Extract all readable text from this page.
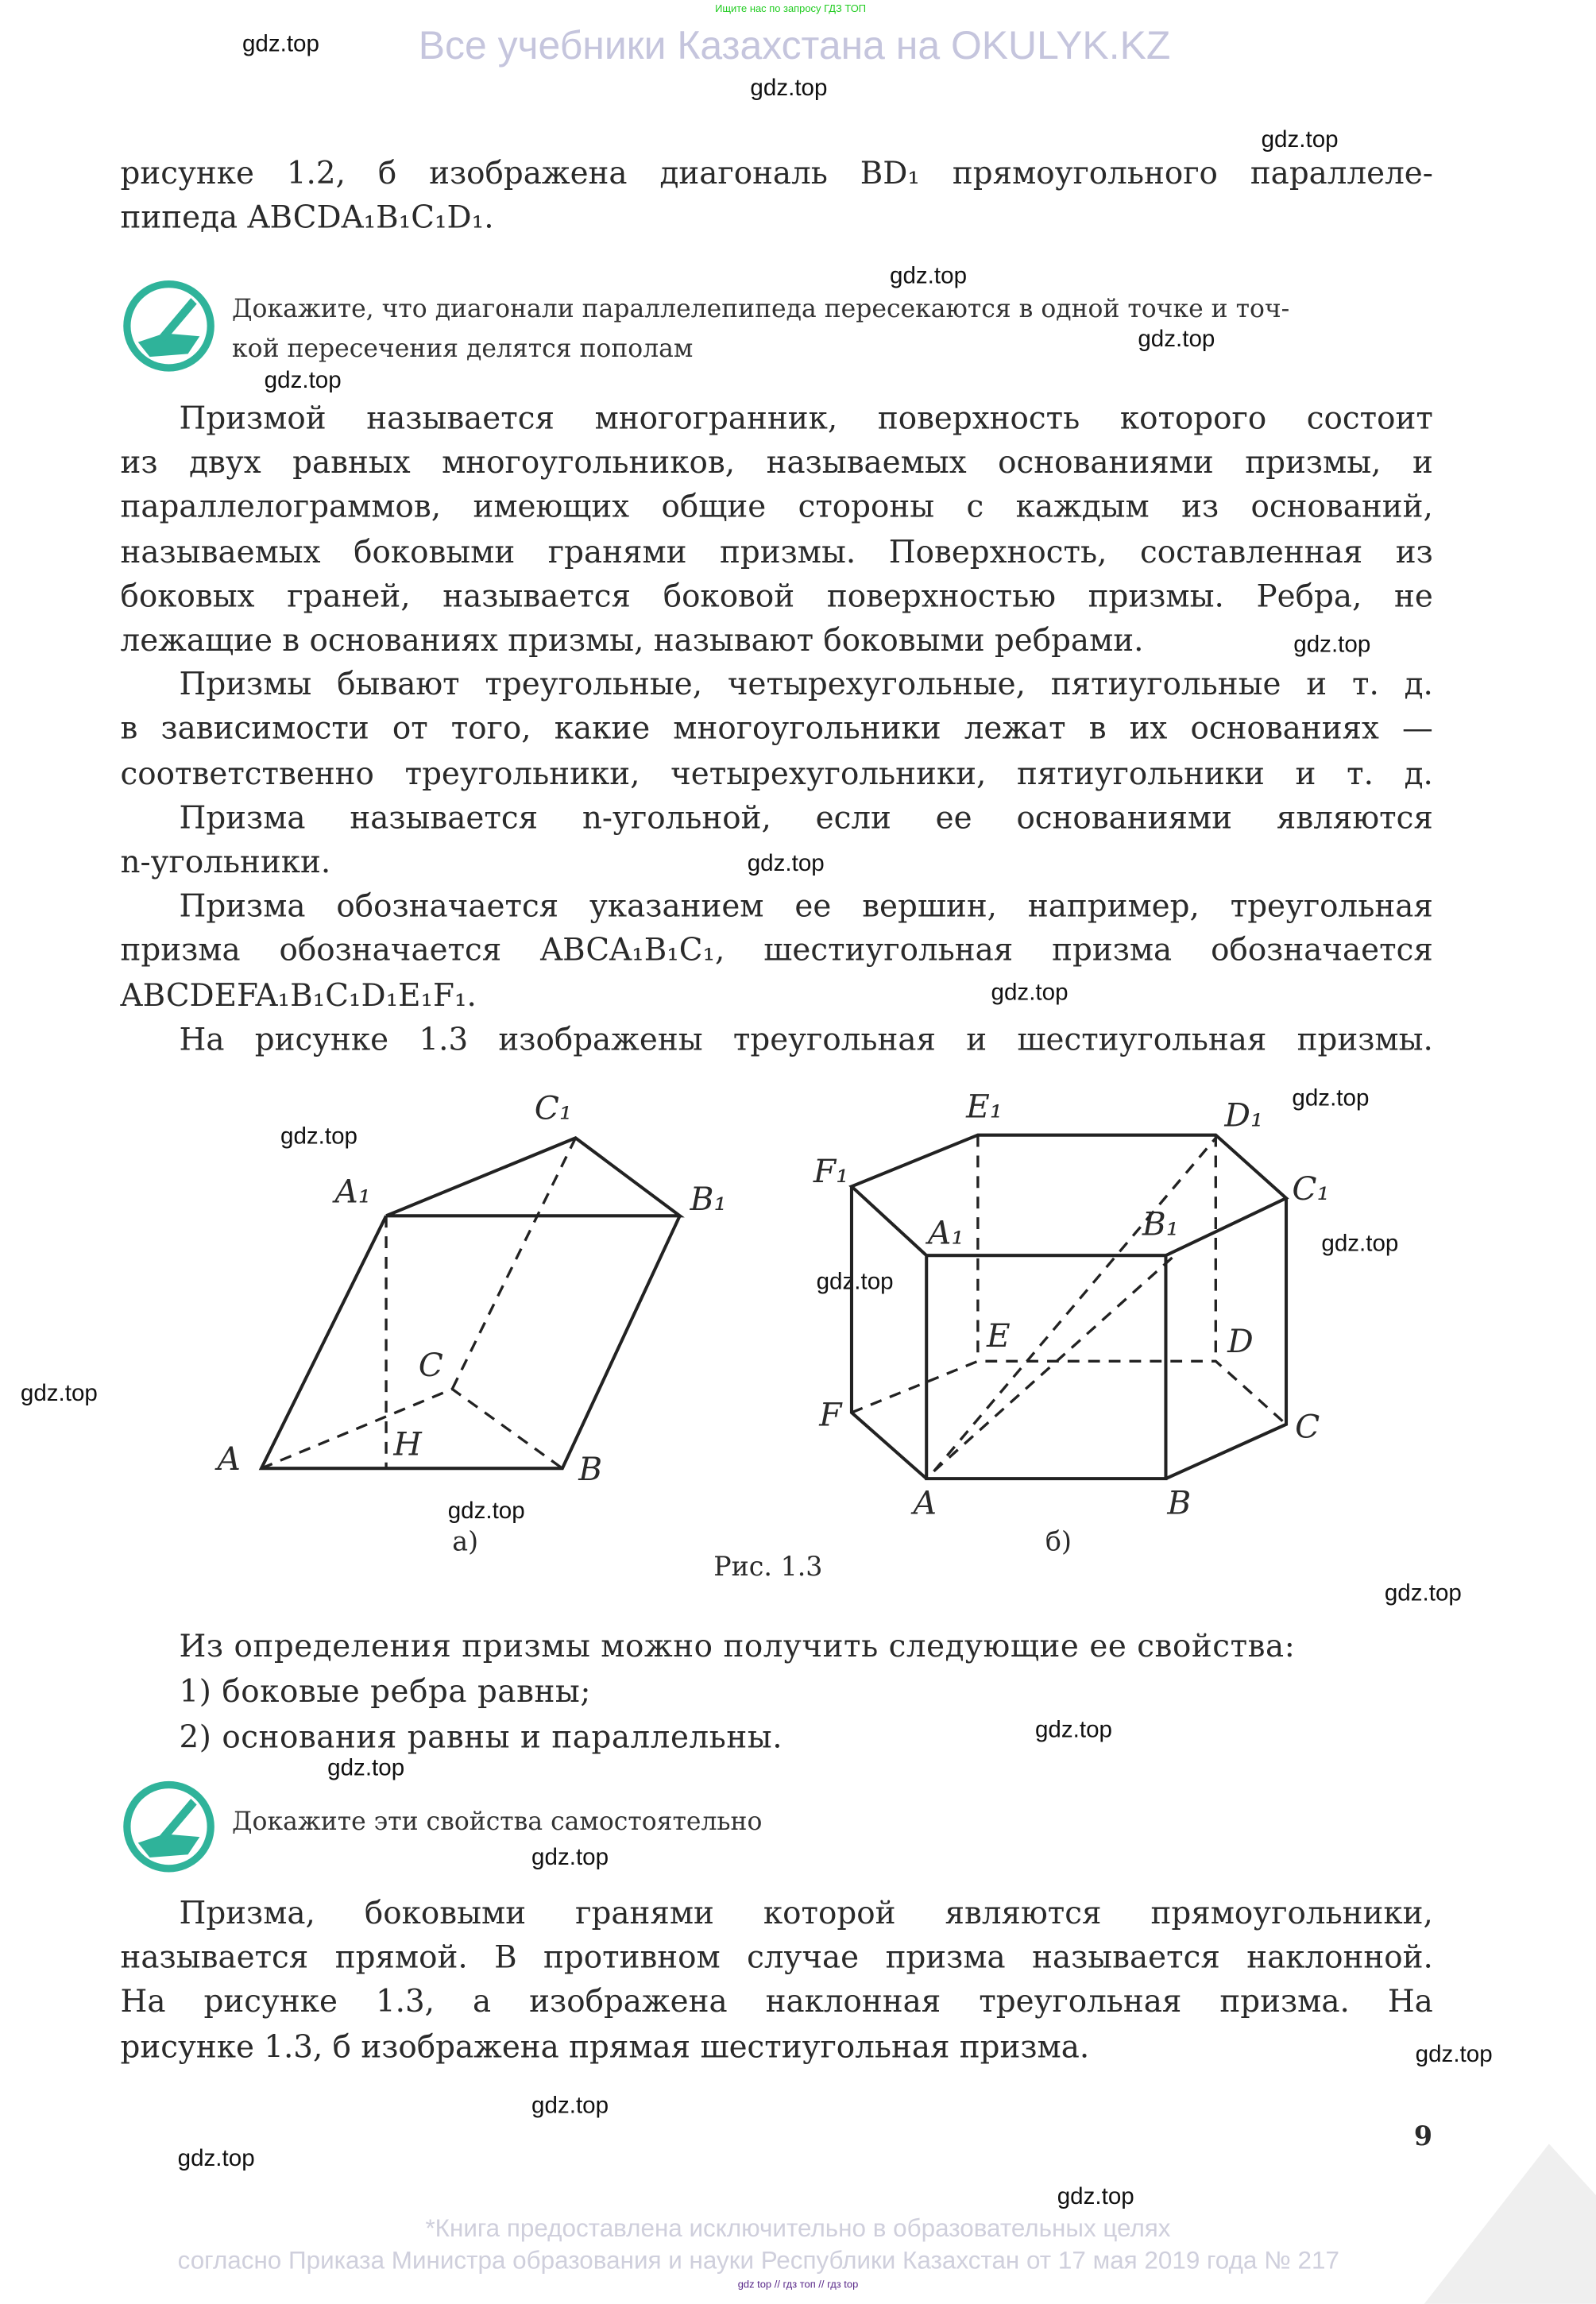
Ищите нас по запросу ГДЗ ТОП
Все учебники Казахстана на OKULYK.KZ
gdz.top
gdz.top
gdz.top
gdz.top
gdz.top
gdz.top
gdz.top
gdz.top
gdz.top
gdz.top
gdz.top
gdz.top
gdz.top
gdz.top
gdz.top
gdz.top
gdz.top
gdz.top
gdz.top
gdz.top
gdz.top
gdz.top
gdz.top

рисунке 1.2, б изображена диагональ BD₁ прямоугольного параллеле-

пипеда ABCDA₁B₁C₁D₁.

Докажите, что диагонали параллелепипеда пересекаются в одной точке и точ-
кой пересечения делятся пополам

Призмой называется многогранник, поверхность которого состоит

из двух равных многоугольников, называемых основаниями призмы, и

параллелограммов, имеющих общие стороны с каждым из оснований,

называемых боковыми гранями призмы. Поверхность, составленная из

боковых граней, называется боковой поверхностью призмы. Ребра, не

лежащие в основаниях призмы, называют боковыми ребрами.

Призмы бывают треугольные, четырехугольные, пятиугольные и т. д.

в зависимости от того, какие многоугольники лежат в их основаниях —

соответственно треугольники, четырехугольники, пятиугольники и т. д.

Призма называется n-угольной, если ее основаниями являются

n-угольники.

Призма обозначается указанием ее вершин, например, треугольная

призма обозначается ABCA₁B₁C₁, шестиугольная призма обозначается

ABCDEFA₁B₁C₁D₁E₁F₁.

На рисунке 1.3 изображены треугольная и шестиугольная призмы.

A	B
C
H
A₁	B₁
C₁
а)
A	B
C
D
E
F
A₁	B₁
C₁
D₁
E₁
F₁
б)
Рис. 1.3
Из определения призмы можно получить следующие ее свойства:
1) боковые ребра равны;
2) основания равны и параллельны.
Докажите эти свойства самостоятельно

Призма, боковыми гранями которой являются прямоугольники,

называется прямой. В противном случае призма называется наклонной.

На рисунке 1.3, а изображена наклонная треугольная призма. На

рисунке 1.3, б изображена прямая шестиугольная призма.

9
*Книга предоставлена исключительно в образовательных целях
согласно Приказа Министра образования и науки Республики Казахстан от 17 мая 2019 года № 217
gdz top // гдз топ // гдз top
